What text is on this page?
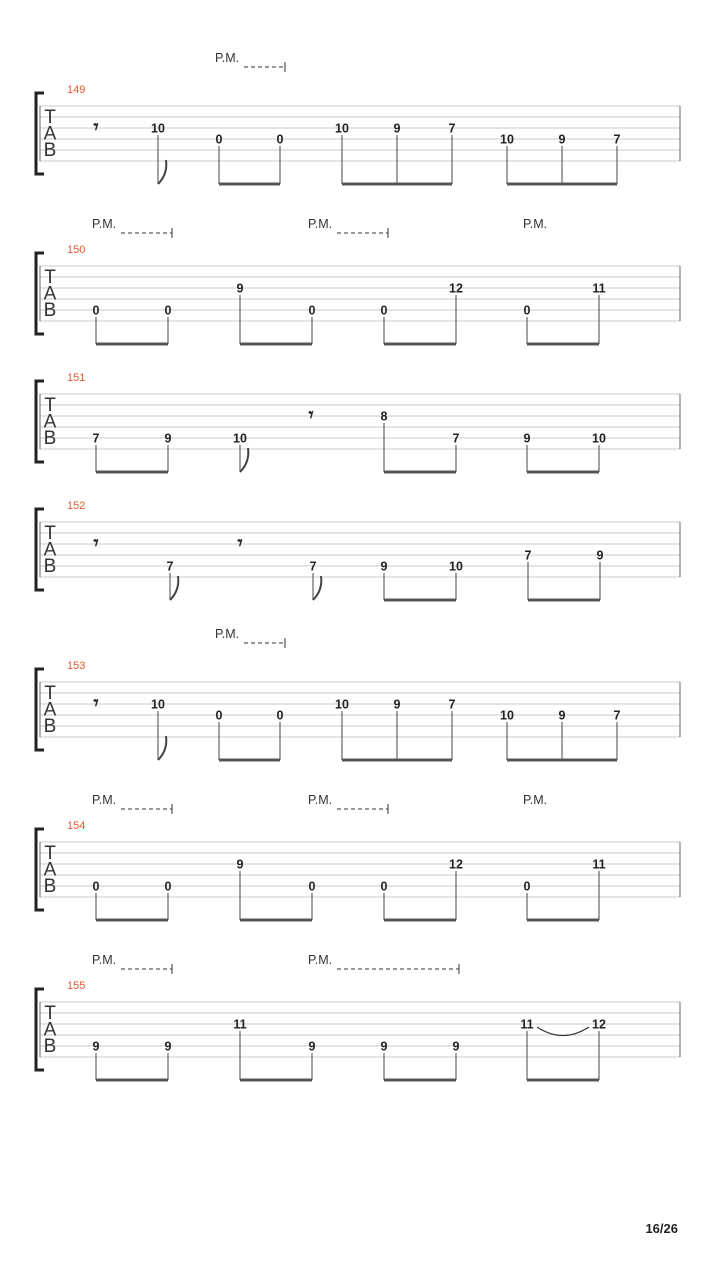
T
A
B
149
P.M.
𝄾	10
0	0
10	9	7
10	9	7
T
A
B
150
P.M.	P.M.	P.M.
0	0
9
0	0
12
0
11
T
A
B
151
7	9	10
𝄾	8
7	9	10
T
A
B
152
𝄾
7
𝄾
7	9	10
7	9
T
A
B
153
P.M.
𝄾	10
0	0
10	9	7
10	9	7
T
A
B
154
P.M.	P.M.	P.M.
0	0
9
0	0
12
0
11
T
A
B
155
P.M.	P.M.
9	9
11
9	9	9
11	12
16/26
